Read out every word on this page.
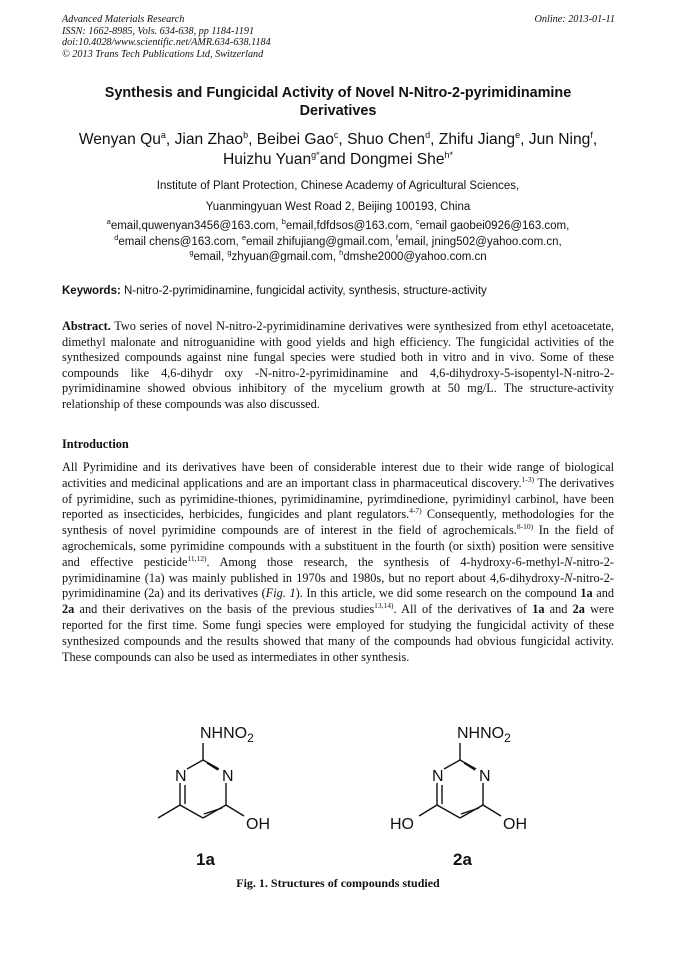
Advanced Materials Research
ISSN: 1662-8985, Vols. 634-638, pp 1184-1191
doi:10.4028/www.scientific.net/AMR.634-638.1184
© 2013 Trans Tech Publications Ltd, Switzerland
Online: 2013-01-11
Synthesis and Fungicidal Activity of Novel N-Nitro-2-pyrimidinamine
Derivatives
Wenyan Qu$^a$, Jian Zhao$^b$, Beibei Gao$^c$, Shuo Chen$^d$, Zhifu Jiang$^e$, Jun Ning$^f$,
Huizhu Yuan$^{g*}$and Dongmei She$^{h*}$
Institute of Plant Protection, Chinese Academy of Agricultural Sciences,
Yuanmingyuan West Road 2, Beijing 100193, China
$^a$email,quwenyan3456@163.com, $^b$email,fdfdsos@163.com, $^c$email gaobei0926@163.com,
$^d$email chens@163.com, $^e$email zhifujiang@gmail.com, $^f$email, jning502@yahoo.com.cn,
$^g$email, $^g$zhyuan@gmail.com, $^h$dmshe2000@yahoo.com.cn
Keywords: N-nitro-2-pyrimidinamine, fungicidal activity, synthesis, structure-activity
Abstract. Two series of novel N-nitro-2-pyrimidinamine derivatives were synthesized from ethyl acetoacetate, dimethyl malonate and nitroguanidine with good yields and high efficiency. The fungicidal activities of the synthesized compounds against nine fungal species were studied both in vitro and in vivo. Some of these compounds like 4,6-dihydr oxy -N-nitro-2-pyrimidinamine and 4,6-dihydroxy-5-isopentyl-N-nitro-2-pyrimidinamine showed obvious inhibitory of the mycelium growth at 50 mg/L. The structure-activity relationship of these compounds was also discussed.
Introduction
All Pyrimidine and its derivatives have been of considerable interest due to their wide range of biological activities and medicinal applications and are an important class in pharmaceutical discovery.$^{1-3)}$ The derivatives of pyrimidine, such as pyrimidine-thiones, pyrimidinamine, pyrimdinedione, pyrimidinyl carbinol, have been reported as insecticides, herbicides, fungicides and plant regulators.$^{4-7)}$ Consequently, methodologies for the synthesis of novel pyrimidine compounds are of interest in the field of agrochemicals.$^{8-10)}$ In the field of agrochemicals, some pyrimidine compounds with a substituent in the fourth (or sixth) position were sensitive and effective pesticide$^{11,12)}$. Among those research, the synthesis of 4-hydroxy-6-methyl-N-nitro-2-pyrimidinamine (1a) was mainly published in 1970s and 1980s, but no report about 4,6-dihydroxy-N-nitro-2-pyrimidinamine (2a) and its derivatives (Fig. 1). In this article, we did some research on the compound 1a and 2a and their derivatives on the basis of the previous studies$^{13,14)}$. All of the derivatives of 1a and 2a were reported for the first time. Some fungi species were employed for studying the fungicidal activity of these synthesized compounds and the results showed that many of the compounds had obvious fungicidal activity. These compounds can also be used as intermediates in other synthesis.
$NHNO_2$
N N
OH
1a
$NHNO_2$
N N
HO	OH
2a
Fig. 1. Structures of compounds studied
